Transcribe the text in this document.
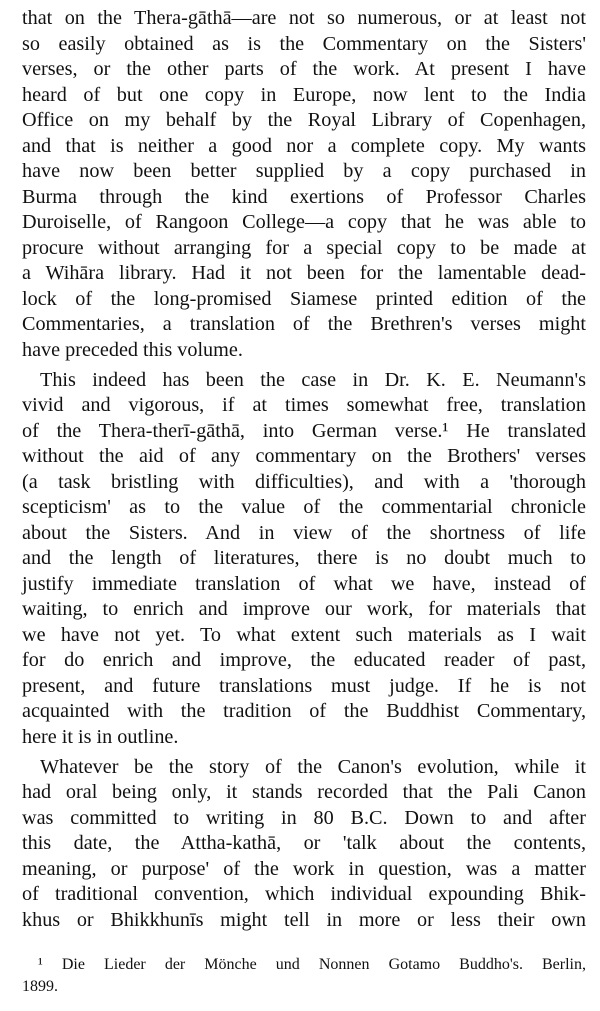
that on the Thera-gāthā—are not so numerous, or at least not
so easily obtained as is the Commentary on the Sisters'
verses, or the other parts of the work. At present I have
heard of but one copy in Europe, now lent to the India
Office on my behalf by the Royal Library of Copenhagen,
and that is neither a good nor a complete copy. My wants
have now been better supplied by a copy purchased in
Burma through the kind exertions of Professor Charles
Duroiselle, of Rangoon College—a copy that he was able to
procure without arranging for a special copy to be made at
a Wihāra library. Had it not been for the lamentable dead-
lock of the long-promised Siamese printed edition of the
Commentaries, a translation of the Brethren's verses might
have preceded this volume.
This indeed has been the case in Dr. K. E. Neumann's
vivid and vigorous, if at times somewhat free, translation
of the Thera-therī-gāthā, into German verse.¹ He translated
without the aid of any commentary on the Brothers' verses
(a task bristling with difficulties), and with a 'thorough
scepticism' as to the value of the commentarial chronicle
about the Sisters. And in view of the shortness of life
and the length of literatures, there is no doubt much to
justify immediate translation of what we have, instead of
waiting, to enrich and improve our work, for materials that
we have not yet. To what extent such materials as I wait
for do enrich and improve, the educated reader of past,
present, and future translations must judge. If he is not
acquainted with the tradition of the Buddhist Commentary,
here it is in outline.
Whatever be the story of the Canon's evolution, while it
had oral being only, it stands recorded that the Pali Canon
was committed to writing in 80 B.C. Down to and after
this date, the Attha-kathā, or 'talk about the contents,
meaning, or purpose' of the work in question, was a matter
of traditional convention, which individual expounding Bhik-
khus or Bhikkhunīs might tell in more or less their own
¹ Die Lieder der Mönche und Nonnen Gotamo Buddho's. Berlin,
1899.
